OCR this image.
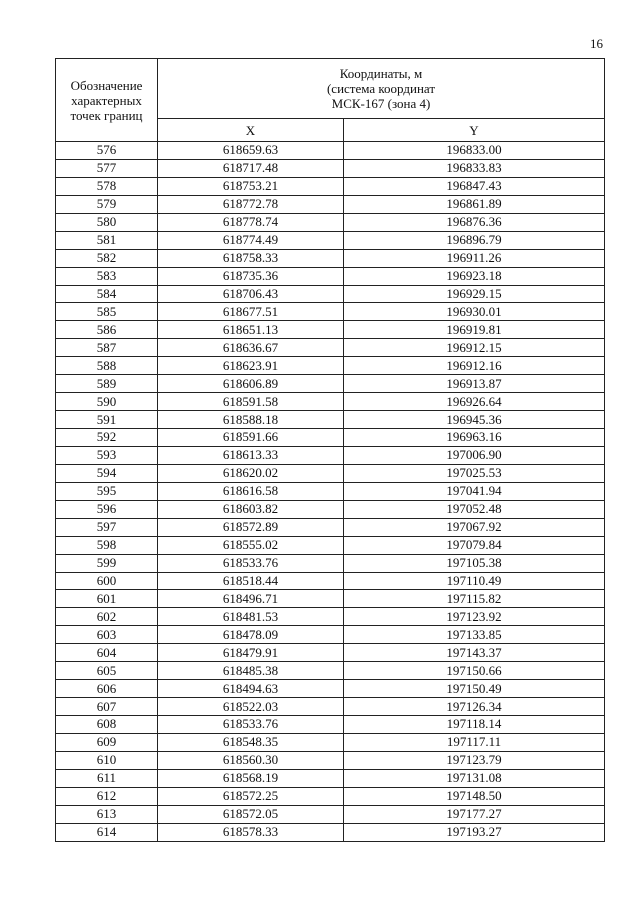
16
Обозначение характерных точек границ	Координаты, м
(система координат
МСК-167 (зона 4)	

	X	Y
576	618659.63	196833.00
577	618717.48	196833.83
578	618753.21	196847.43
579	618772.78	196861.89
580	618778.74	196876.36
581	618774.49	196896.79
582	618758.33	196911.26
583	618735.36	196923.18
584	618706.43	196929.15
585	618677.51	196930.01
586	618651.13	196919.81
587	618636.67	196912.15
588	618623.91	196912.16
589	618606.89	196913.87
590	618591.58	196926.64
591	618588.18	196945.36
592	618591.66	196963.16
593	618613.33	197006.90
594	618620.02	197025.53
595	618616.58	197041.94
596	618603.82	197052.48
597	618572.89	197067.92
598	618555.02	197079.84
599	618533.76	197105.38
600	618518.44	197110.49
601	618496.71	197115.82
602	618481.53	197123.92
603	618478.09	197133.85
604	618479.91	197143.37
605	618485.38	197150.66
606	618494.63	197150.49
607	618522.03	197126.34
608	618533.76	197118.14
609	618548.35	197117.11
610	618560.30	197123.79
611	618568.19	197131.08
612	618572.25	197148.50
613	618572.05	197177.27
614	618578.33	197193.27
